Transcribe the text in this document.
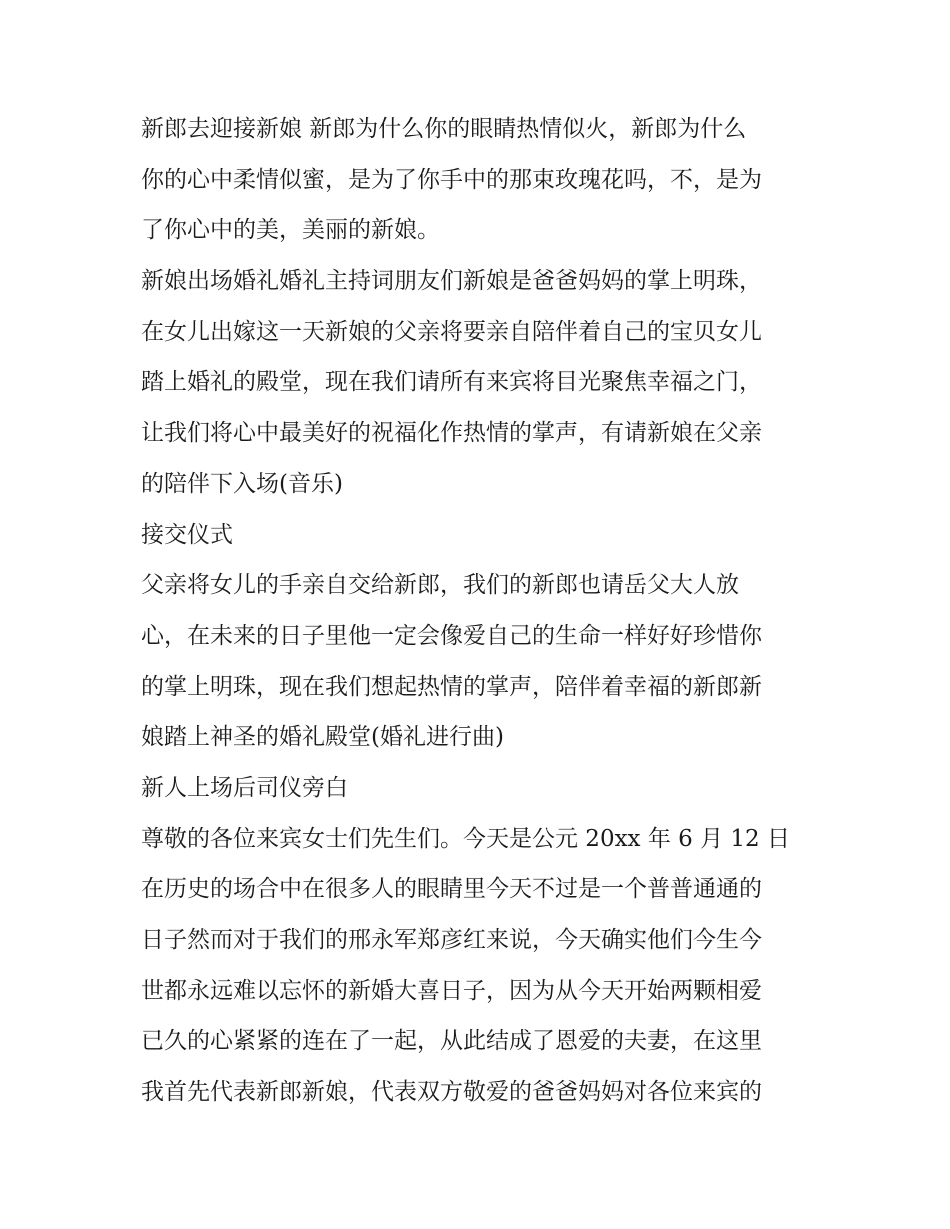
新郎去迎接新娘 新郎为什么你的眼睛热情似火，新郎为什么
你的心中柔情似蜜，是为了你手中的那束玫瑰花吗，不，是为
了你心中的美，美丽的新娘。
新娘出场婚礼婚礼主持词朋友们新娘是爸爸妈妈的掌上明珠，
在女儿出嫁这一天新娘的父亲将要亲自陪伴着自己的宝贝女儿
踏上婚礼的殿堂，现在我们请所有来宾将目光聚焦幸福之门，
让我们将心中最美好的祝福化作热情的掌声，有请新娘在父亲
的陪伴下入场(音乐)
接交仪式
父亲将女儿的手亲自交给新郎，我们的新郎也请岳父大人放
心，在未来的日子里他一定会像爱自己的生命一样好好珍惜你
的掌上明珠，现在我们想起热情的掌声，陪伴着幸福的新郎新
娘踏上神圣的婚礼殿堂(婚礼进行曲)
新人上场后司仪旁白
尊敬的各位来宾女士们先生们。今天是公元 20xx 年 6 月 12 日
在历史的场合中在很多人的眼睛里今天不过是一个普普通通的
日子然而对于我们的邢永军郑彦红来说，今天确实他们今生今
世都永远难以忘怀的新婚大喜日子，因为从今天开始两颗相爱
已久的心紧紧的连在了一起，从此结成了恩爱的夫妻，在这里
我首先代表新郎新娘，代表双方敬爱的爸爸妈妈对各位来宾的
